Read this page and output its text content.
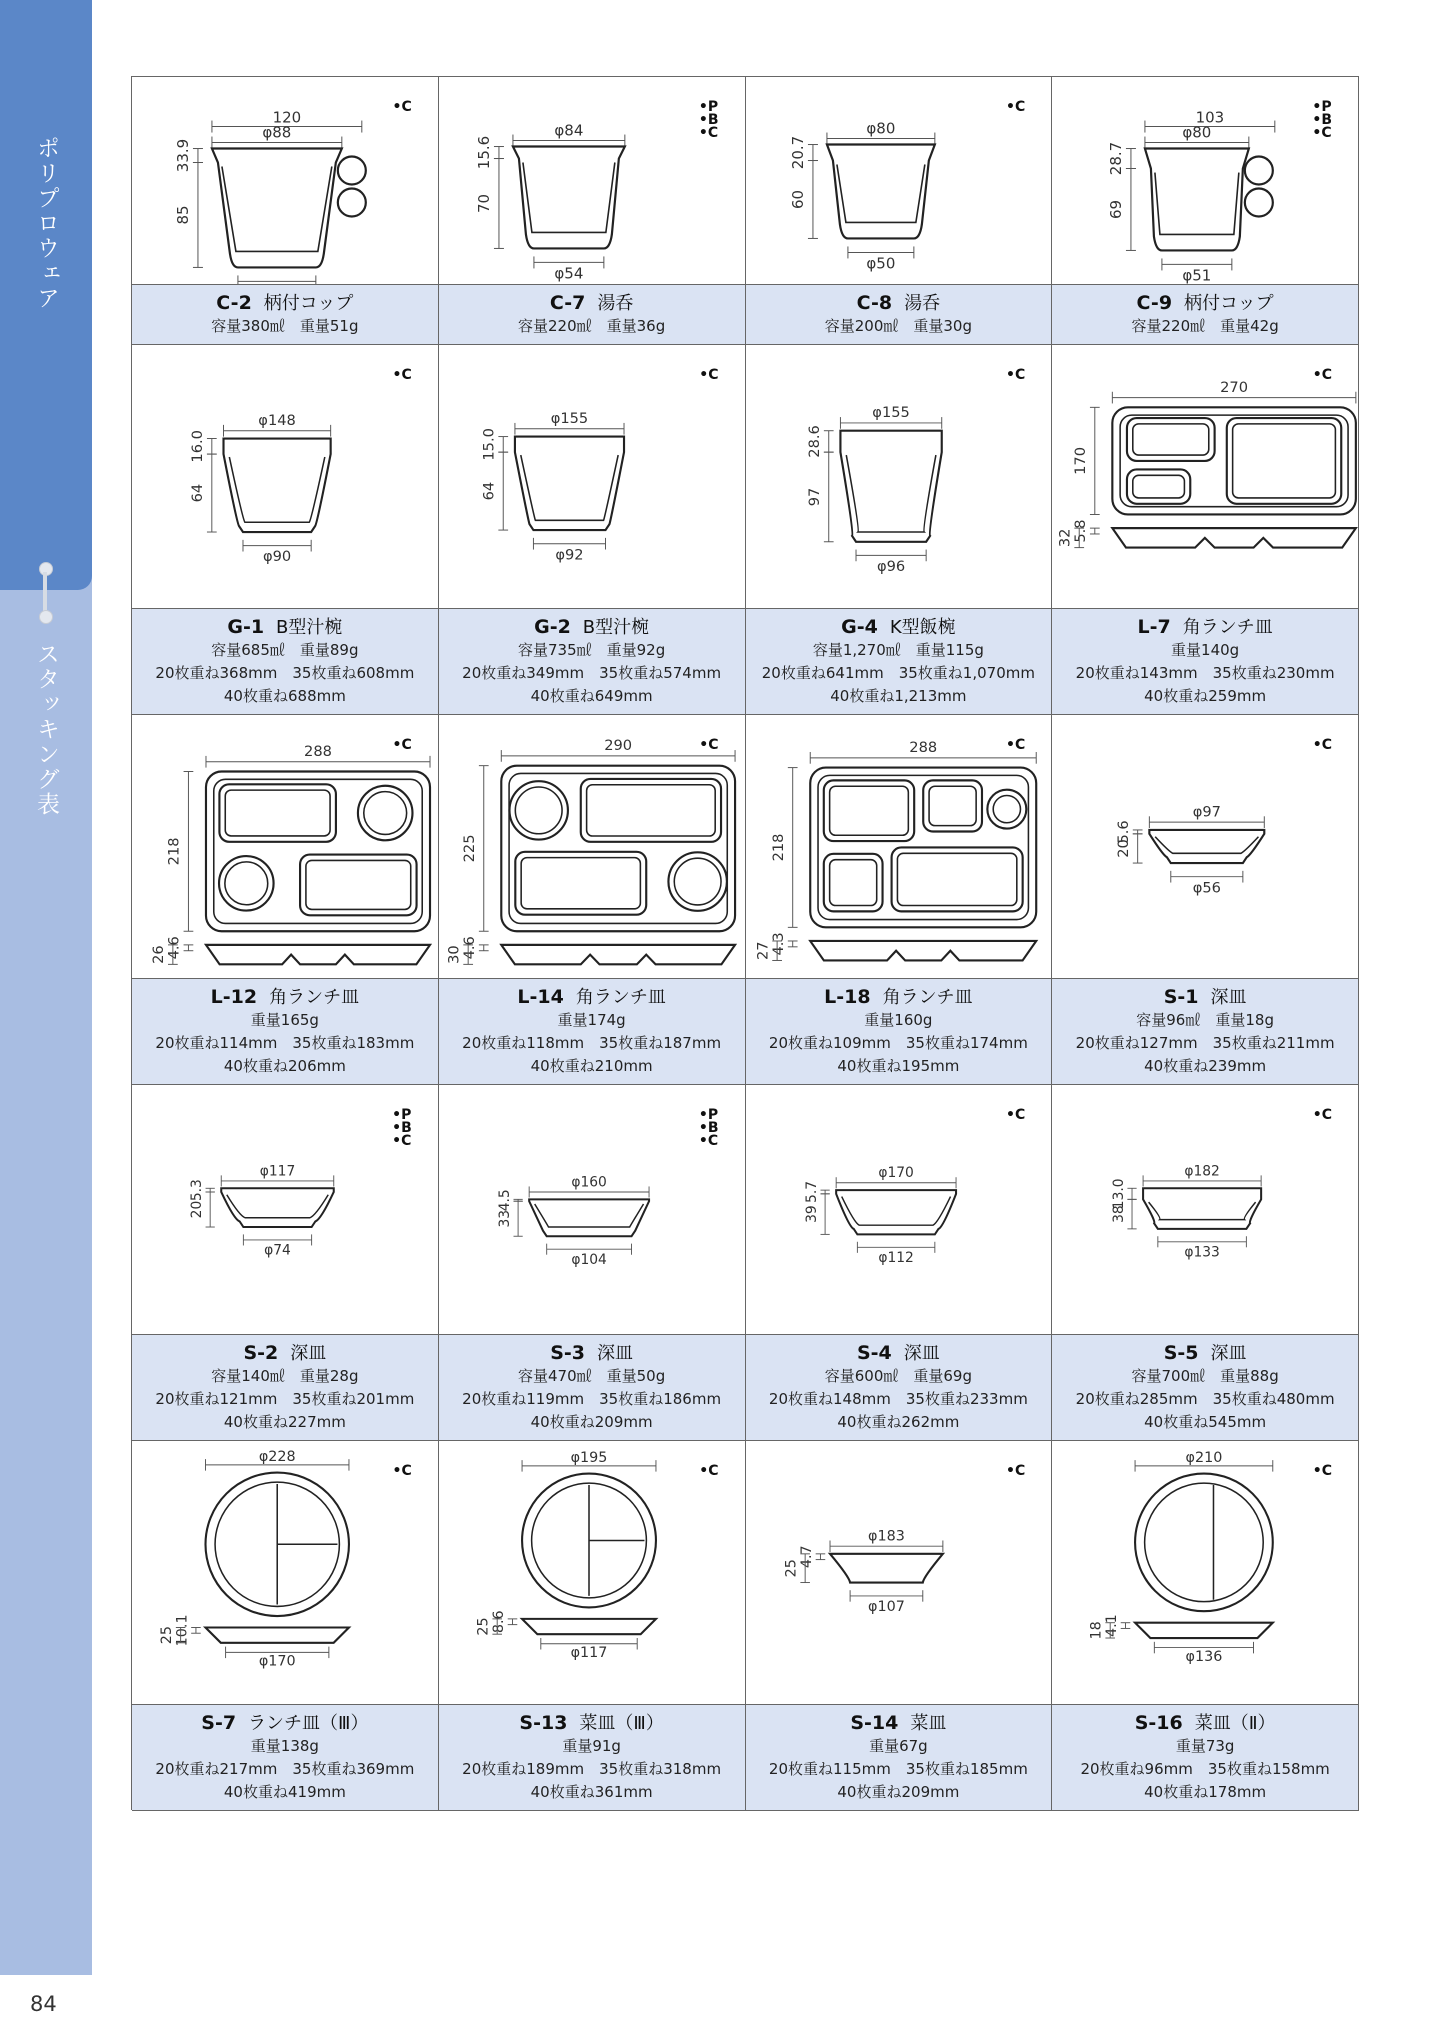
ポリプロウェア
スタッキング表
84
120
φ88
33.9
85
•C
C-2 柄付コップ
容量380㎖　重量51g
φ84
φ54
15.6
70
•P
•B
•C
C-7 湯呑
容量220㎖　重量36g
φ80
φ50
20.7
60
•C
C-8 湯呑
容量200㎖　重量30g
103
φ80
φ51
28.7
69
•P
•B
•C
C-9 柄付コップ
容量220㎖　重量42g
φ148
φ90
16.0
64
•C
G-1 B型汁椀
容量685㎖　重量89g
20枚重ね368mm　35枚重ね608mm
40枚重ね688mm
φ155
φ92
15.0
64
•C
G-2 B型汁椀
容量735㎖　重量92g
20枚重ね349mm　35枚重ね574mm
40枚重ね649mm
φ155
φ96
28.6
97
•C
G-4 K型飯椀
容量1,270㎖　重量115g
20枚重ね641mm　35枚重ね1,070mm
40枚重ね1,213mm
270
170
5.8
32
•C
L-7 角ランチ皿
重量140g
20枚重ね143mm　35枚重ね230mm
40枚重ね259mm
288
218
4.6
26
•C
L-12 角ランチ皿
重量165g
20枚重ね114mm　35枚重ね183mm
40枚重ね206mm
290
225
4.6
30
•C
L-14 角ランチ皿
重量174g
20枚重ね118mm　35枚重ね187mm
40枚重ね210mm
288
218
4.3
27
•C
L-18 角ランチ皿
重量160g
20枚重ね109mm　35枚重ね174mm
40枚重ね195mm
φ97
φ56
5.6
20
•C
S-1 深皿
容量96㎖　重量18g
20枚重ね127mm　35枚重ね211mm
40枚重ね239mm
φ117
φ74
5.3
20
•P
•B
•C
S-2 深皿
容量140㎖　重量28g
20枚重ね121mm　35枚重ね201mm
40枚重ね227mm
φ160
φ104
4.5
33
•P
•B
•C
S-3 深皿
容量470㎖　重量50g
20枚重ね119mm　35枚重ね186mm
40枚重ね209mm
φ170
φ112
5.7
39
•C
S-4 深皿
容量600㎖　重量69g
20枚重ね148mm　35枚重ね233mm
40枚重ね262mm
φ182
φ133
13.0
38
•C
S-5 深皿
容量700㎖　重量88g
20枚重ね285mm　35枚重ね480mm
40枚重ね545mm
φ228
φ170
10.1
25
•C
S-7 ランチ皿（Ⅲ）
重量138g
20枚重ね217mm　35枚重ね369mm
40枚重ね419mm
φ195
φ117
8.6
25
•C
S-13 菜皿（Ⅲ）
重量91g
20枚重ね189mm　35枚重ね318mm
40枚重ね361mm
φ183
φ107
4.7
25
•C
S-14 菜皿
重量67g
20枚重ね115mm　35枚重ね185mm
40枚重ね209mm
φ210
φ136
4.1
18
•C
S-16 菜皿（Ⅱ）
重量73g
20枚重ね96mm　35枚重ね158mm
40枚重ね178mm
